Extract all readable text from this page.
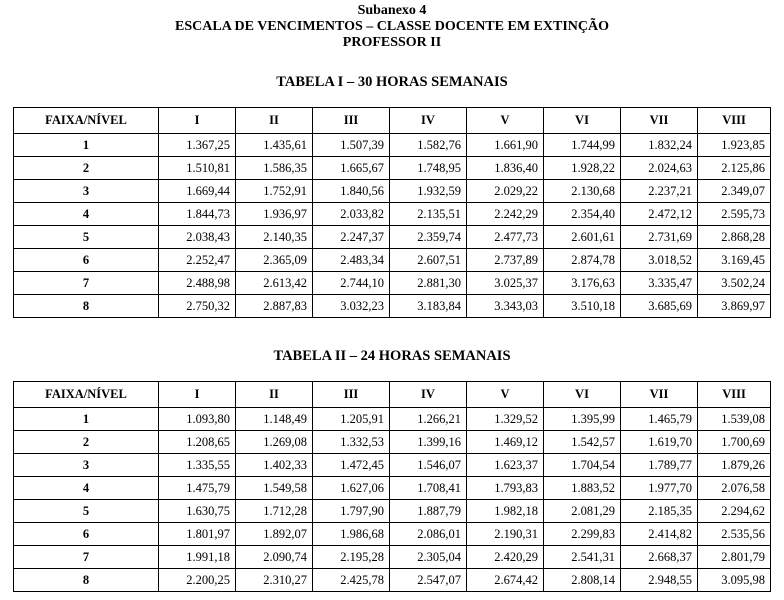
Subanexo 4
ESCALA DE VENCIMENTOS – CLASSE DOCENTE EM EXTINÇÃO
PROFESSOR II
TABELA I – 30 HORAS SEMANAIS
FAIXA/NÍVEL	I	II	III	IV	V	VI	VII	VIII
1	1.367,25	1.435,61	1.507,39	1.582,76	1.661,90	1.744,99	1.832,24	1.923,85
2	1.510,81	1.586,35	1.665,67	1.748,95	1.836,40	1.928,22	2.024,63	2.125,86
3	1.669,44	1.752,91	1.840,56	1.932,59	2.029,22	2.130,68	2.237,21	2.349,07
4	1.844,73	1.936,97	2.033,82	2.135,51	2.242,29	2.354,40	2.472,12	2.595,73
5	2.038,43	2.140,35	2.247,37	2.359,74	2.477,73	2.601,61	2.731,69	2.868,28
6	2.252,47	2.365,09	2.483,34	2.607,51	2.737,89	2.874,78	3.018,52	3.169,45
7	2.488,98	2.613,42	2.744,10	2.881,30	3.025,37	3.176,63	3.335,47	3.502,24
8	2.750,32	2.887,83	3.032,23	3.183,84	3.343,03	3.510,18	3.685,69	3.869,97
TABELA II – 24 HORAS SEMANAIS
FAIXA/NÍVEL	I	II	III	IV	V	VI	VII	VIII
1	1.093,80	1.148,49	1.205,91	1.266,21	1.329,52	1.395,99	1.465,79	1.539,08
2	1.208,65	1.269,08	1.332,53	1.399,16	1.469,12	1.542,57	1.619,70	1.700,69
3	1.335,55	1.402,33	1.472,45	1.546,07	1.623,37	1.704,54	1.789,77	1.879,26
4	1.475,79	1.549,58	1.627,06	1.708,41	1.793,83	1.883,52	1.977,70	2.076,58
5	1.630,75	1.712,28	1.797,90	1.887,79	1.982,18	2.081,29	2.185,35	2.294,62
6	1.801,97	1.892,07	1.986,68	2.086,01	2.190,31	2.299,83	2.414,82	2.535,56
7	1.991,18	2.090,74	2.195,28	2.305,04	2.420,29	2.541,31	2.668,37	2.801,79
8	2.200,25	2.310,27	2.425,78	2.547,07	2.674,42	2.808,14	2.948,55	3.095,98
